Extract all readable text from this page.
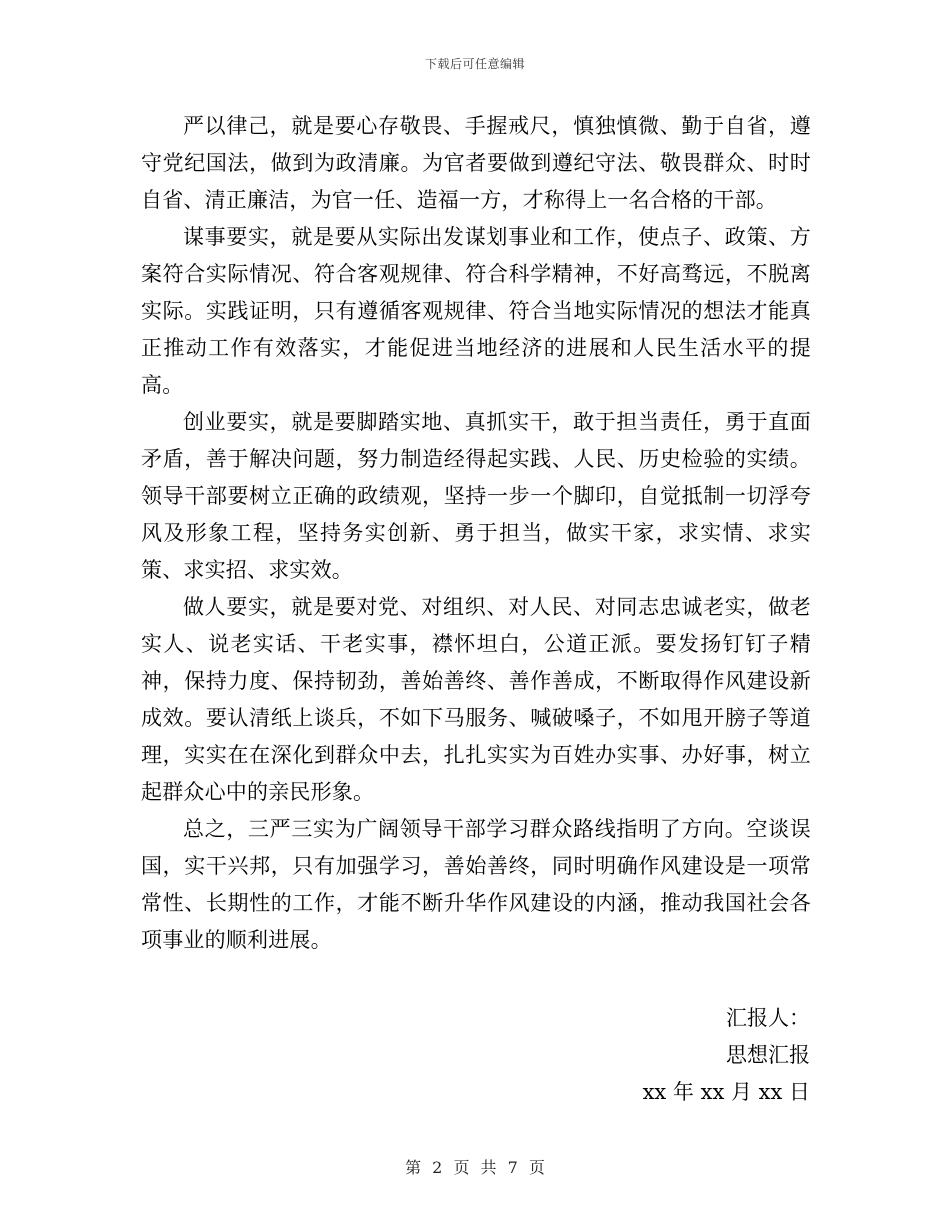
下载后可任意编辑

严以律己，就是要心存敬畏、手握戒尺，慎独慎微、勤于自省，遵守党纪国法，做到为政清廉。为官者要做到遵纪守法、敬畏群众、时时自省、清正廉洁，为官一任、造福一方，才称得上一名合格的干部。

谋事要实，就是要从实际出发谋划事业和工作，使点子、政策、方案符合实际情况、符合客观规律、符合科学精神，不好高骛远，不脱离实际。实践证明，只有遵循客观规律、符合当地实际情况的想法才能真正推动工作有效落实，才能促进当地经济的进展和人民生活水平的提高。

创业要实，就是要脚踏实地、真抓实干，敢于担当责任，勇于直面矛盾，善于解决问题，努力制造经得起实践、人民、历史检验的实绩。领导干部要树立正确的政绩观，坚持一步一个脚印，自觉抵制一切浮夸风及形象工程，坚持务实创新、勇于担当，做实干家，求实情、求实策、求实招、求实效。

做人要实，就是要对党、对组织、对人民、对同志忠诚老实，做老实人、说老实话、干老实事，襟怀坦白，公道正派。要发扬钉钉子精神，保持力度、保持韧劲，善始善终、善作善成，不断取得作风建设新成效。要认清纸上谈兵，不如下马服务、喊破嗓子，不如甩开膀子等道理，实实在在深化到群众中去，扎扎实实为百姓办实事、办好事，树立起群众心中的亲民形象。

总之，三严三实为广阔领导干部学习群众路线指明了方向。空谈误国，实干兴邦，只有加强学习，善始善终，同时明确作风建设是一项常常性、长期性的工作，才能不断升华作风建设的内涵，推动我国社会各项事业的顺利进展。

汇报人：
思想汇报
xx 年 xx 月 xx 日
第 2 页 共 7 页
